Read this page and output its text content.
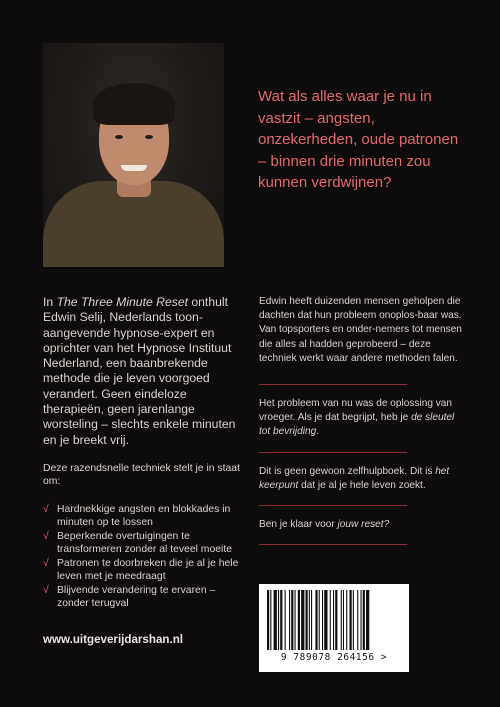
Wat als alles waar je nu in vastzit – angsten, onzekerheden, oude patronen – binnen drie minuten zou kunnen verdwijnen?

In The Three Minute Reset onthult Edwin Selij, Nederlands toon-aangevende hypnose-expert en oprichter van het Hypnose Instituut Nederland, een baanbrekende methode die je leven voorgoed verandert. Geen eindeloze therapieën, geen jarenlange worsteling – slechts enkele minuten en je breekt vrij.

Deze razendsnelle techniek stelt je in staat om:

√ Hardnekkige angsten en blokkades in minuten op te lossen
√ Beperkende overtuigingen te transformeren zonder al teveel moeite
√ Patronen te doorbreken die je al je hele leven met je meedraagt
√ Blijvende verandering te ervaren – zonder terugval

Edwin heeft duizenden mensen geholpen die dachten dat hun probleem onoplos-baar was. Van topsporters en onder-nemers tot mensen die alles al hadden geprobeerd – deze techniek werkt waar andere methoden falen.

Het probleem van nu was de oplossing van vroeger. Als je dat begrijpt, heb je de sleutel tot bevrijding.

Dit is geen gewoon zelfhulpboek. Dit is het keerpunt dat je al je hele leven zoekt.

Ben je klaar voor jouw reset?

www.uitgeverijdarshan.nl
9 789078 264156 >
